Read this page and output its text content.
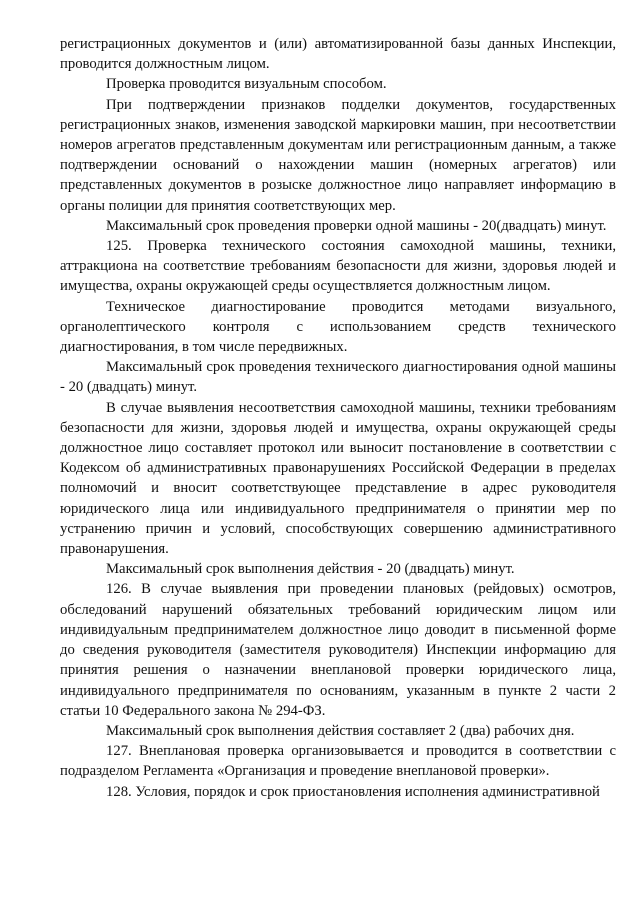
регистрационных документов и (или) автоматизированной базы данных Инспекции, проводится должностным лицом.

Проверка проводится визуальным способом.

При подтверждении признаков подделки документов, государственных регистрационных знаков, изменения заводской маркировки машин, при несоответствии номеров агрегатов представленным документам или регистрационным данным, а также подтверждении оснований о нахождении машин (номерных агрегатов) или представленных документов в розыске должностное лицо направляет информацию в органы полиции для принятия соответствующих мер.

Максимальный срок проведения проверки одной машины - 20(двадцать) минут.

125. Проверка технического состояния самоходной машины, техники, аттракциона на соответствие требованиям безопасности для жизни, здоровья людей и имущества, охраны окружающей среды осуществляется должностным лицом.

Техническое диагностирование проводится методами визуального, органолептического контроля с использованием средств технического диагностирования, в том числе передвижных.

Максимальный срок проведения технического диагностирования одной машины - 20 (двадцать) минут.

В случае выявления несоответствия самоходной машины, техники требованиям безопасности для жизни, здоровья людей и имущества, охраны окружающей среды должностное лицо составляет протокол или выносит постановление в соответствии с Кодексом об административных правонарушениях Российской Федерации в пределах полномочий и вносит соответствующее представление в адрес руководителя юридического лица или индивидуального предпринимателя о принятии мер по устранению причин и условий, способствующих совершению административного правонарушения.

Максимальный срок выполнения действия - 20 (двадцать) минут.

126. В случае выявления при проведении плановых (рейдовых) осмотров, обследований нарушений обязательных требований юридическим лицом или индивидуальным предпринимателем должностное лицо доводит в письменной форме до сведения руководителя (заместителя руководителя) Инспекции информацию для принятия решения о назначении внеплановой проверки юридического лица, индивидуального предпринимателя по основаниям, указанным в пункте 2 части 2 статьи 10 Федерального закона № 294-ФЗ.

Максимальный срок выполнения действия составляет 2 (два) рабочих дня.

127. Внеплановая проверка организовывается и проводится в соответствии с подразделом Регламента «Организация и проведение внеплановой проверки».

128. Условия, порядок и срок приостановления исполнения административной
